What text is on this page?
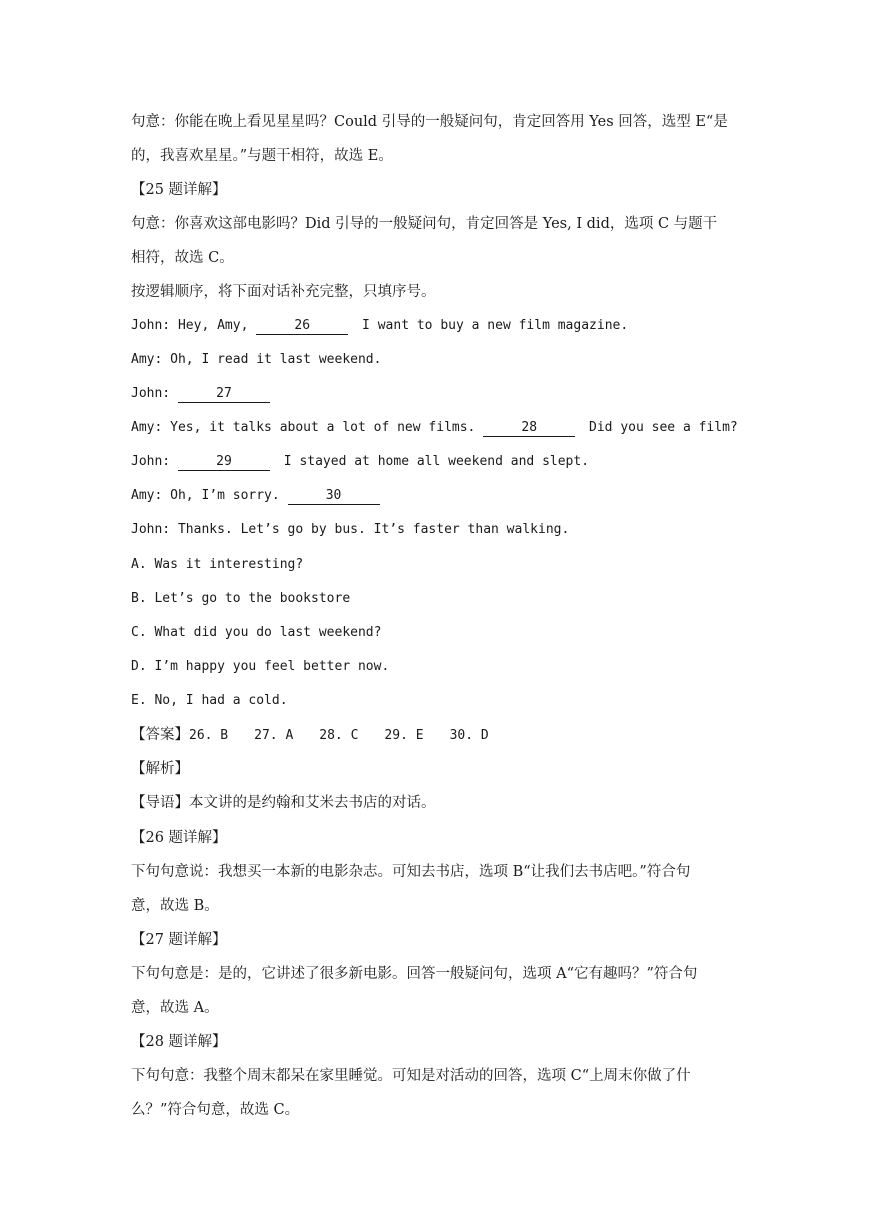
句意：你能在晚上看见星星吗？Could 引导的一般疑问句，肯定回答用 Yes 回答，选型 E“是

的，我喜欢星星。”与题干相符，故选 E。

【25 题详解】

句意：你喜欢这部电影吗？Did 引导的一般疑问句，肯定回答是 Yes, I did，选项 C 与题干

相符，故选 C。

按逻辑顺序，将下面对话补充完整，只填序号。

John: Hey, Amy,	26	I want to buy a new film magazine.

Amy: Oh, I read it last weekend.

John:	27

Amy: Yes, it talks about a lot of new films.	28	Did you see a film?

John:	29	I stayed at home all weekend and slept.

Amy: Oh, I’m sorry.	30

John: Thanks. Let’s go by bus. It’s faster than walking.

A. Was it interesting?

B. Let’s go to the bookstore

C. What did you do last weekend?

D. I’m happy you feel better now.

E. No, I had a cold.

【答案】26. B 27. A 28. C 29. E 30. D

【解析】

【导语】本文讲的是约翰和艾米去书店的对话。

【26 题详解】

下句句意说：我想买一本新的电影杂志。可知去书店，选项 B“让我们去书店吧。”符合句

意，故选 B。

【27 题详解】

下句句意是：是的，它讲述了很多新电影。回答一般疑问句，选项 A“它有趣吗？”符合句

意，故选 A。

【28 题详解】

下句句意：我整个周末都呆在家里睡觉。可知是对活动的回答，选项 C“上周末你做了什

么？”符合句意，故选 C。
